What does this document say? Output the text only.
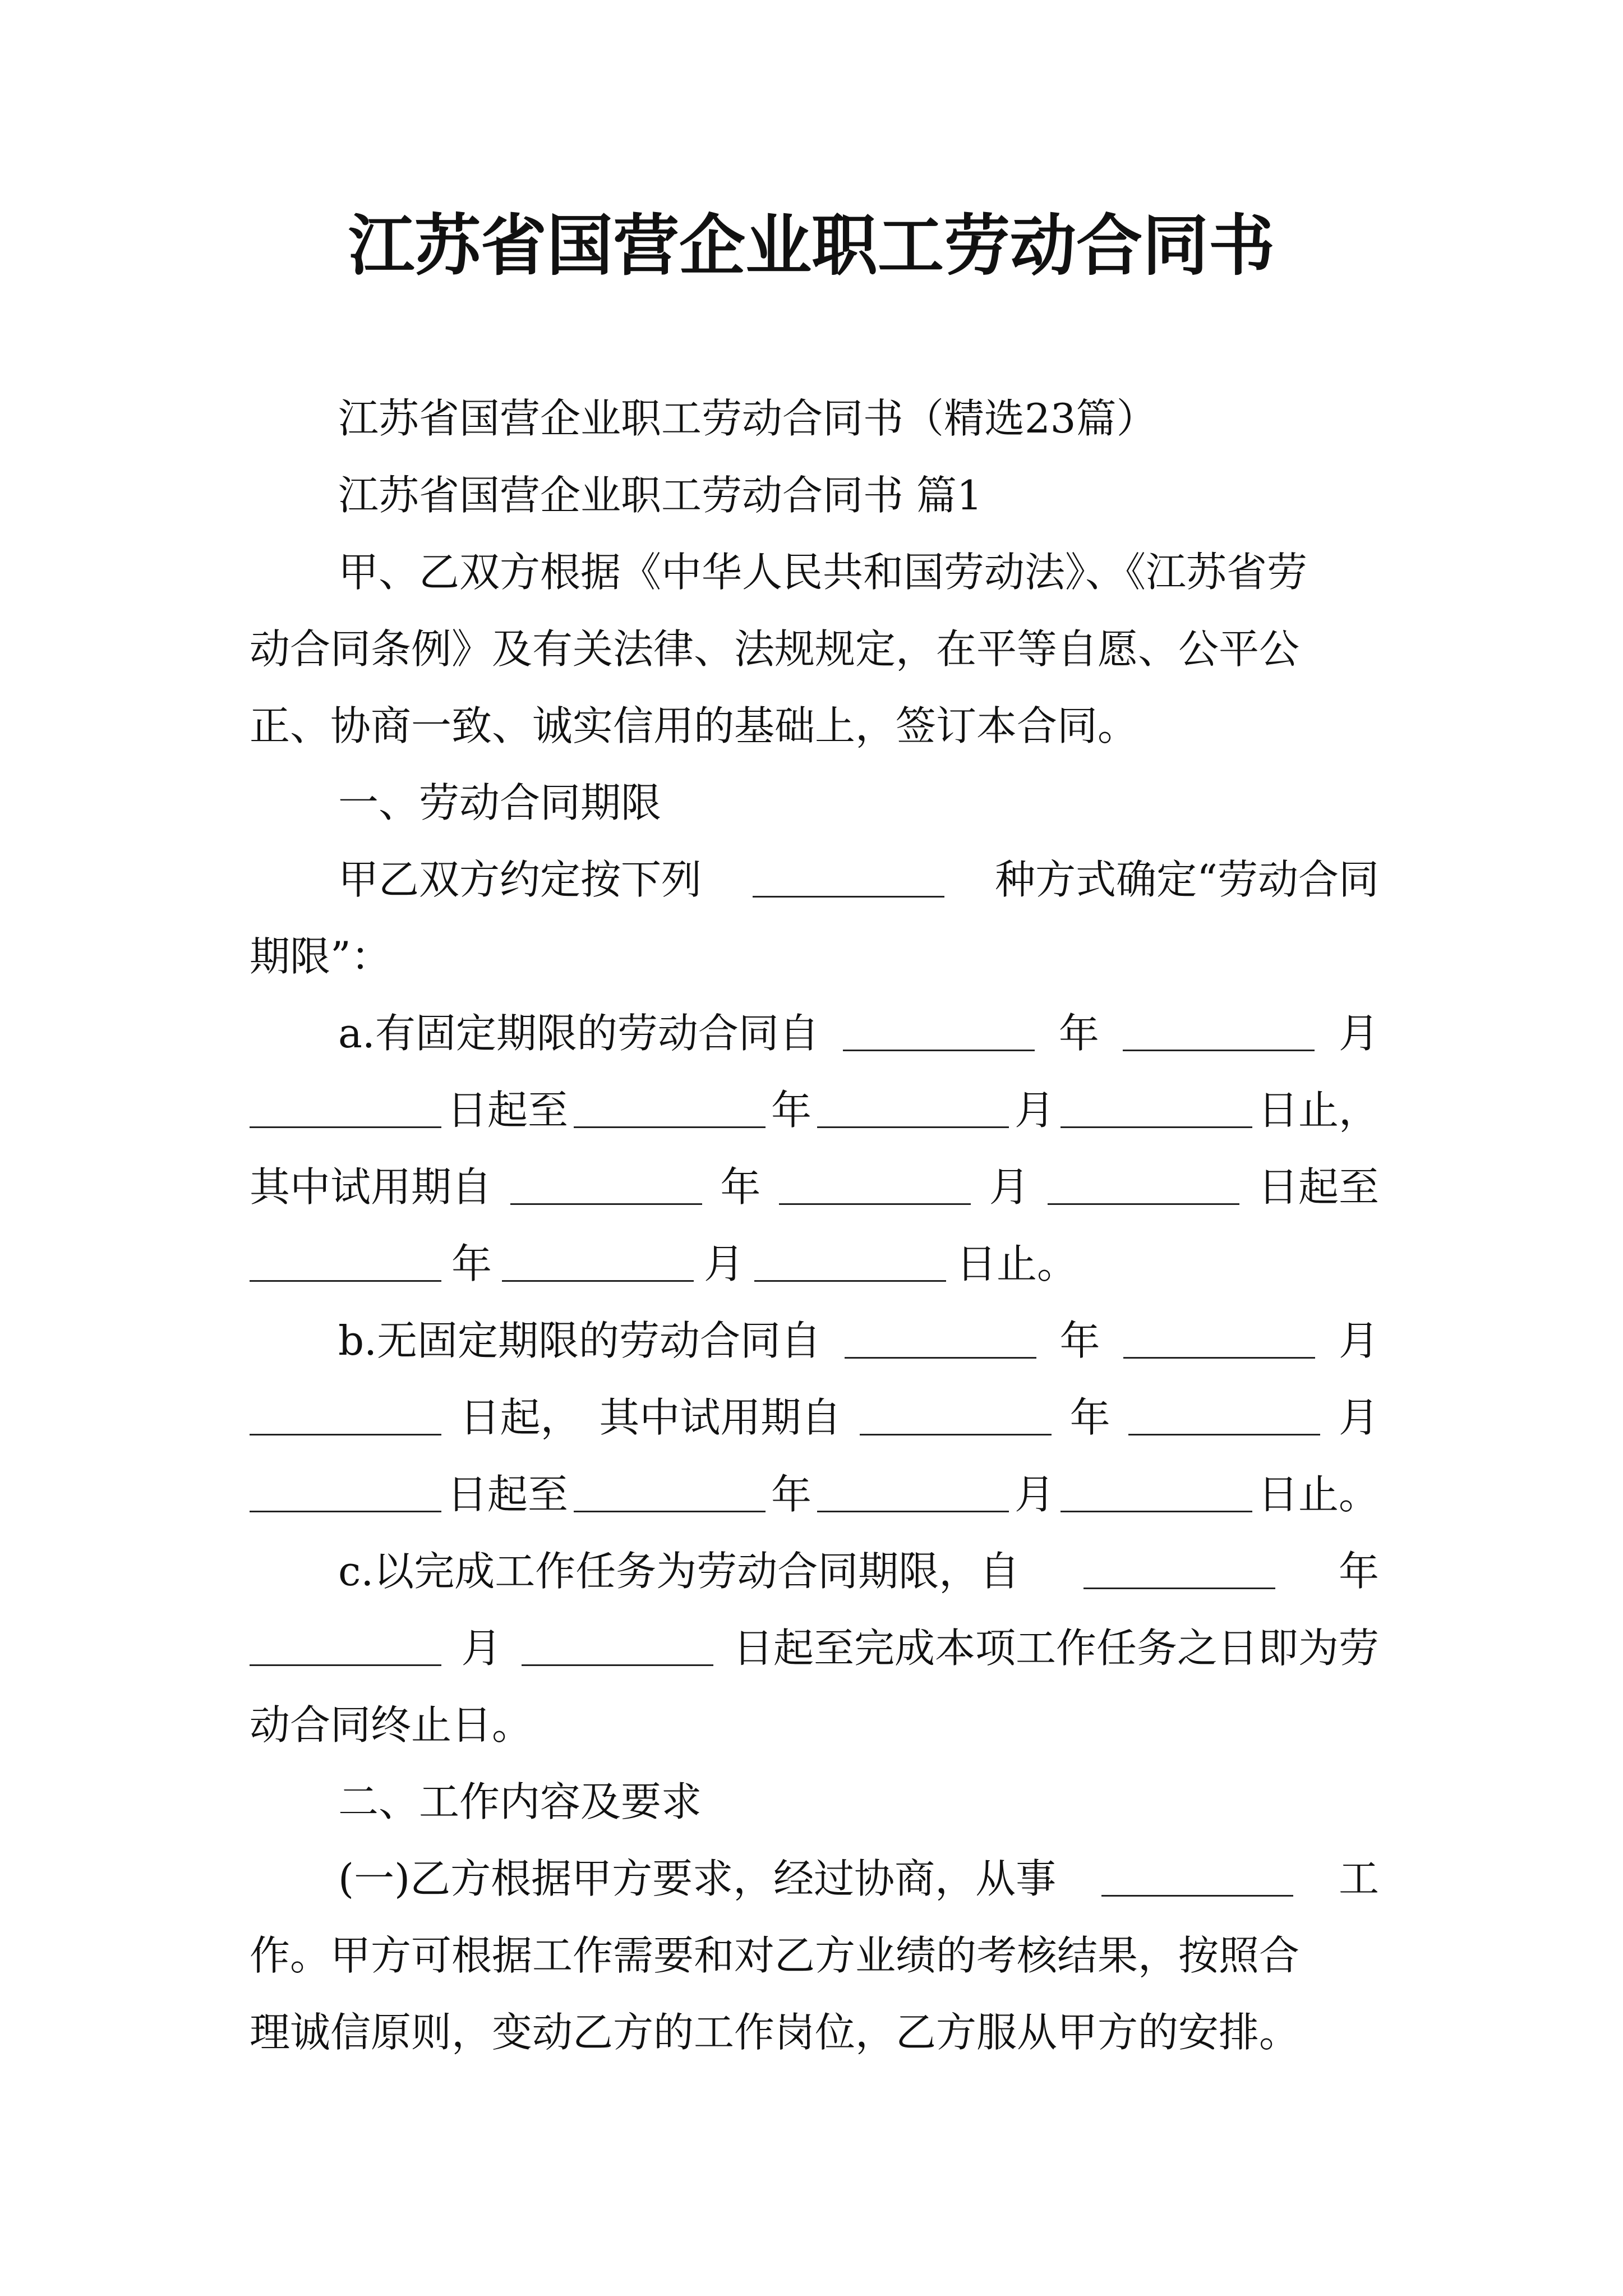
江苏省国营企业职工劳动合同书
江苏省国营企业职工劳动合同书（精选23篇）
江苏省国营企业职工劳动合同书 篇1
甲、乙双方根据《中华人民共和国劳动法》、《江苏省劳
动合同条例》及有关法律、法规规定，在平等自愿、公平公
正、协商一致、诚实信用的基础上，签订本合同。
一、劳动合同期限
甲乙双方约定按下列	种方式确定“劳动合同
期限”：
a.有固定期限的劳动合同自	年	月
日起至	年	月	日止，
其中试用期自	年	月	日起至
年	月	日止。
b.无固定期限的劳动合同自	年	月
日起， 其中试用期自	年	月
日起至	年	月	日止。
c.以完成工作任务为劳动合同期限，自	年
月	日起至完成本项工作任务之日即为劳
动合同终止日。
二、工作内容及要求
(一)乙方根据甲方要求，经过协商，从事	工
作。甲方可根据工作需要和对乙方业绩的考核结果，按照合
理诚信原则，变动乙方的工作岗位，乙方服从甲方的安排。
